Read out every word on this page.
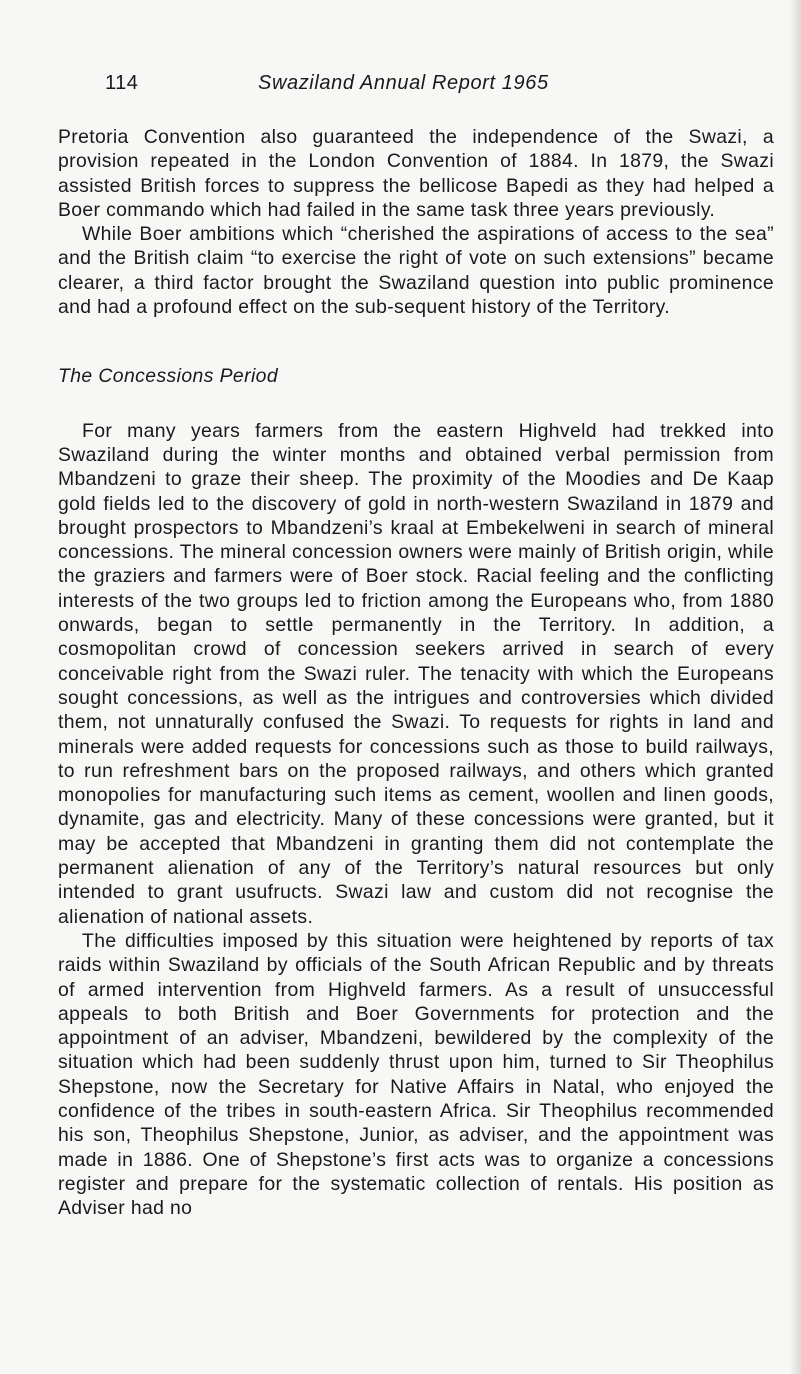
114	Swaziland Annual Report 1965

Pretoria Convention also guaranteed the independence of the Swazi, a provision repeated in the London Convention of 1884. In 1879, the Swazi assisted British forces to suppress the bellicose Bapedi as they had helped a Boer commando which had failed in the same task three years previously.

While Boer ambitions which “cherished the aspirations of access to the sea” and the British claim “to exercise the right of vote on such extensions” became clearer, a third factor brought the Swaziland question into public prominence and had a profound effect on the sub-sequent history of the Territory.

The Concessions Period

For many years farmers from the eastern Highveld had trekked into Swaziland during the winter months and obtained verbal permission from Mbandzeni to graze their sheep. The proximity of the Moodies and De Kaap gold fields led to the discovery of gold in north-western Swaziland in 1879 and brought prospectors to Mbandzeni’s kraal at Embekelweni in search of mineral concessions. The mineral concession owners were mainly of British origin, while the graziers and farmers were of Boer stock. Racial feeling and the conflicting interests of the two groups led to friction among the Europeans who, from 1880 onwards, began to settle permanently in the Territory. In addition, a cosmopolitan crowd of concession seekers arrived in search of every conceivable right from the Swazi ruler. The tenacity with which the Europeans sought concessions, as well as the intrigues and controversies which divided them, not unnaturally confused the Swazi. To requests for rights in land and minerals were added requests for concessions such as those to build railways, to run refreshment bars on the proposed railways, and others which granted monopolies for manufacturing such items as cement, woollen and linen goods, dynamite, gas and electricity. Many of these concessions were granted, but it may be accepted that Mbandzeni in granting them did not contemplate the permanent alienation of any of the Territory’s natural resources but only intended to grant usufructs. Swazi law and custom did not recognise the alienation of national assets.

The difficulties imposed by this situation were heightened by reports of tax raids within Swaziland by officials of the South African Republic and by threats of armed intervention from Highveld farmers. As a result of unsuccessful appeals to both British and Boer Governments for protection and the appointment of an adviser, Mbandzeni, bewildered by the complexity of the situation which had been suddenly thrust upon him, turned to Sir Theophilus Shepstone, now the Secretary for Native Affairs in Natal, who enjoyed the confidence of the tribes in south-eastern Africa. Sir Theophilus recommended his son, Theophilus Shepstone, Junior, as adviser, and the appointment was made in 1886. One of Shepstone’s first acts was to organize a concessions register and prepare for the systematic collection of rentals. His position as Adviser had no
